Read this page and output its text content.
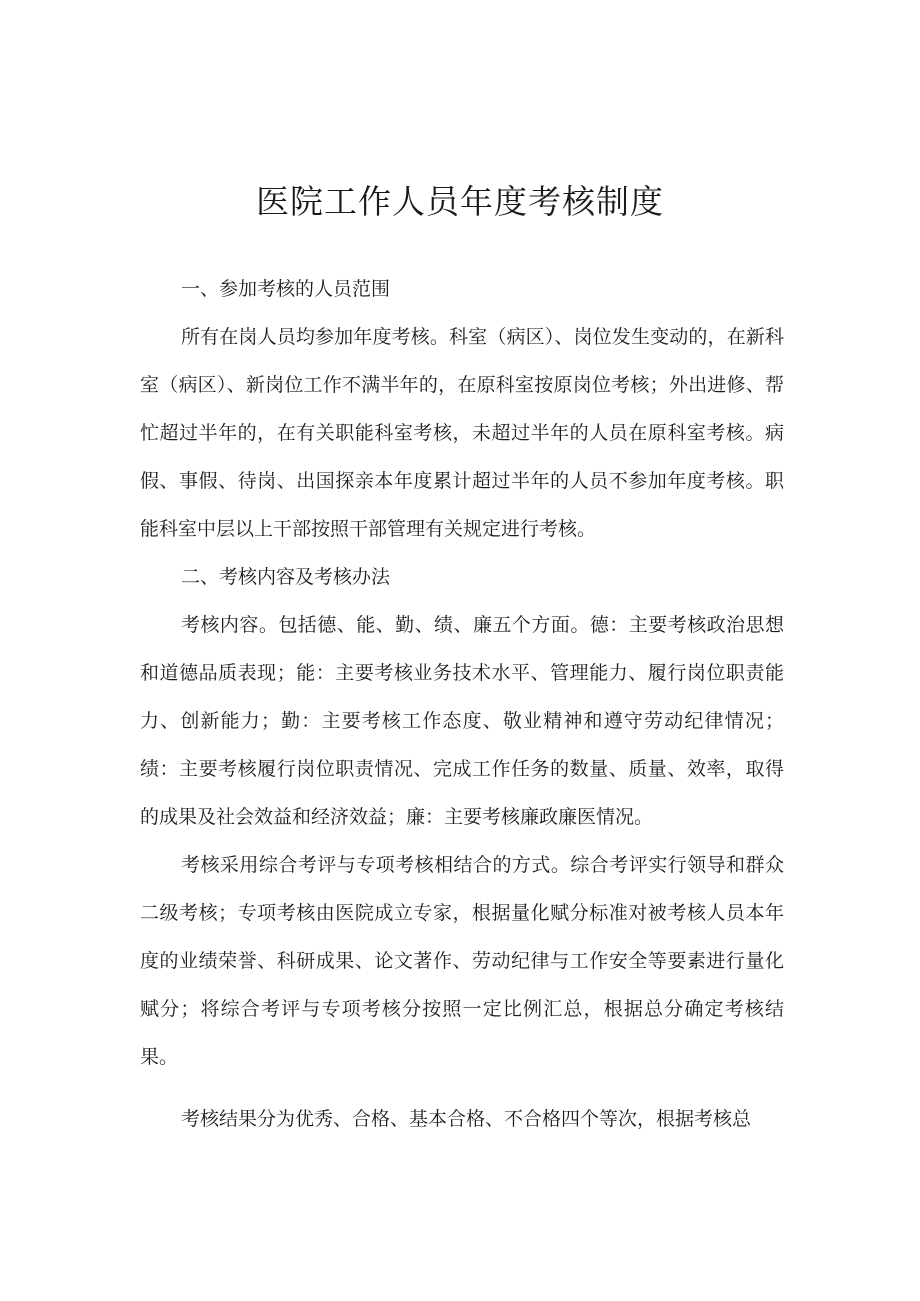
医院工作人员年度考核制度
一、参加考核的人员范围

所有在岗人员均参加年度考核。科室（病区）、岗位发生变动的，在新科室（病区）、新岗位工作不满半年的，在原科室按原岗位考核；外出进修、帮忙超过半年的，在有关职能科室考核，未超过半年的人员在原科室考核。病假、事假、待岗、出国探亲本年度累计超过半年的人员不参加年度考核。职能科室中层以上干部按照干部管理有关规定进行考核。

二、考核内容及考核办法

考核内容。包括德、能、勤、绩、廉五个方面。德：主要考核政治思想和道德品质表现；能：主要考核业务技术水平、管理能力、履行岗位职责能力、创新能力；勤：主要考核工作态度、敬业精神和遵守劳动纪律情况；绩：主要考核履行岗位职责情况、完成工作任务的数量、质量、效率，取得的成果及社会效益和经济效益；廉：主要考核廉政廉医情况。

考核采用综合考评与专项考核相结合的方式。综合考评实行领导和群众二级考核；专项考核由医院成立专家，根据量化赋分标准对被考核人员本年度的业绩荣誉、科研成果、论文著作、劳动纪律与工作安全等要素进行量化赋分；将综合考评与专项考核分按照一定比例汇总，根据总分确定考核结果。

考核结果分为优秀、合格、基本合格、不合格四个等次，根据考核总
